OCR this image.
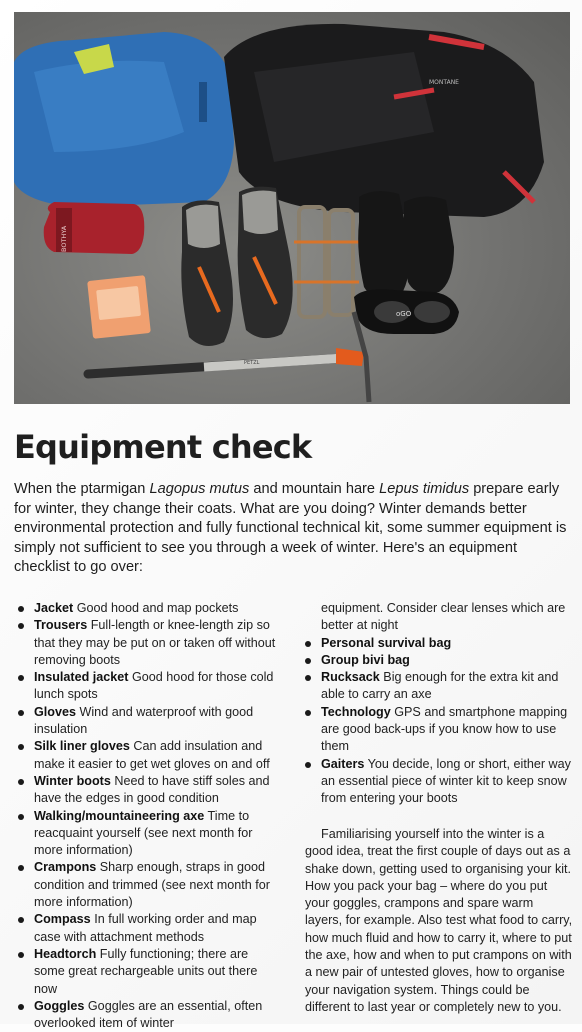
MONTANE
BOTHYA
oGO
PETZL
Equipment check

When the ptarmigan Lagopus mutus and mountain hare Lepus timidus prepare early for winter, they change their coats. What are you doing? Winter demands better environmental protection and fully functional technical kit, some summer equipment is simply not sufficient to see you through a week of winter. Here's an equipment checklist to go over:

Jacket Good hood and map pockets
Trousers Full-length or knee-length zip so that they may be put on or taken off without removing boots
Insulated jacket Good hood for those cold lunch spots
Gloves Wind and waterproof with good insulation
Silk liner gloves Can add insulation and make it easier to get wet gloves on and off
Winter boots Need to have stiff soles and have the edges in good condition
Walking/mountaineering axe Time to reacquaint yourself (see next month for more information)
Crampons Sharp enough, straps in good condition and trimmed (see next month for more information)
Compass In full working order and map case with attachment methods
Headtorch Fully functioning; there are some great rechargeable units out there now
Goggles Goggles are an essential, often overlooked item of winter

equipment. Consider clear lenses which are better at night

Personal survival bag
Group bivi bag
Rucksack Big enough for the extra kit and able to carry an axe
Technology GPS and smartphone mapping are good back-ups if you know how to use them
Gaiters You decide, long or short, either way an essential piece of winter kit to keep snow from entering your boots

Familiarising yourself into the winter is a good idea, treat the first couple of days out as a shake down, getting used to organising your kit. How you pack your bag – where do you put your goggles, crampons and spare warm layers, for example. Also test what food to carry, how much fluid and how to carry it, where to put the axe, how and when to put crampons on with a new pair of untested gloves, how to organise your navigation system. Things could be different to last year or completely new to you.
